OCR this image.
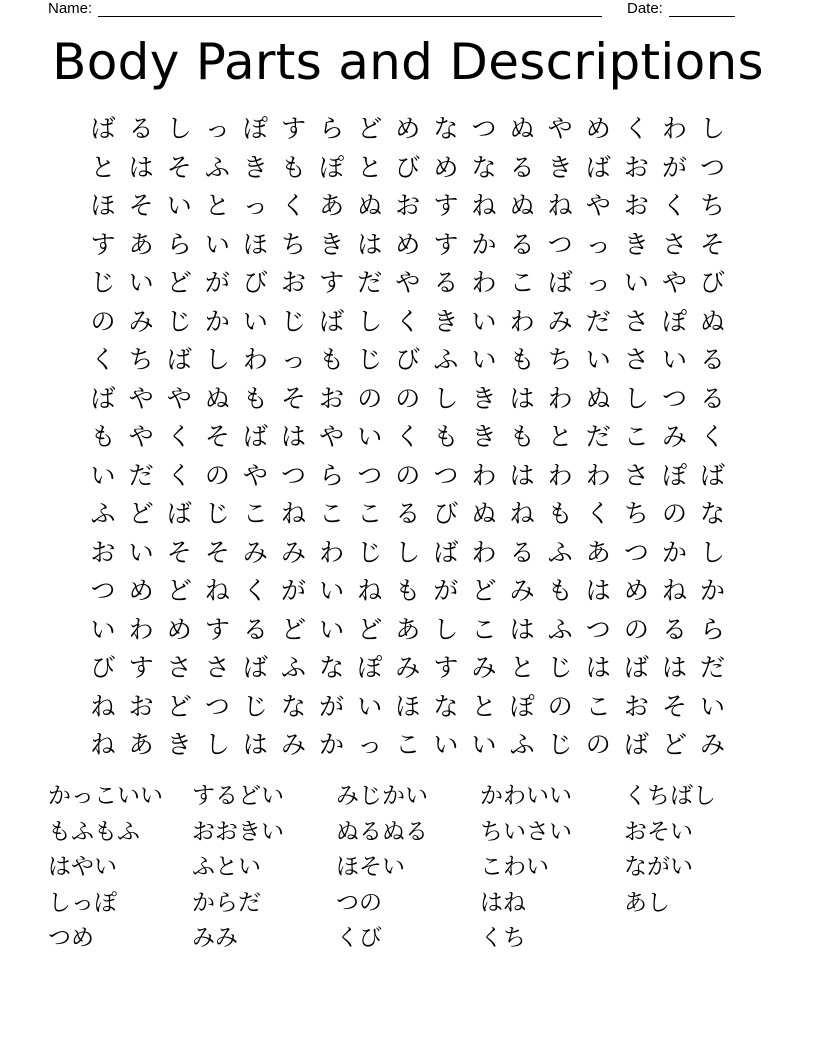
Name:	Date:
Body Parts and Descriptions
ば る し っ ぽ す ら ど め な つ ぬ や め く わ し
と は そ ふ き も ぽ と び め な る き ば お が つ
ほ そ い と っ く あ ぬ お す ね ぬ ね や お く ち
す あ ら い ほ ち き は め す か る つ っ き さ そ
じ い ど が び お す だ や る わ こ ば っ い や び
の み じ か い じ ば し く き い わ み だ さ ぽ ぬ
く ち ば し わ っ も じ び ふ い も ち い さ い る
ば や や ぬ も そ お の の し き は わ ぬ し つ る
も や く そ ば は や い く も き も と だ こ み く
い だ く の や つ ら つ の つ わ は わ わ さ ぽ ば
ふ ど ば じ こ ね こ こ る び ぬ ね も く ち の な
お い そ そ み み わ じ し ば わ る ふ あ つ か し
つ め ど ね く が い ね も が ど み も は め ね か
い わ め す る ど い ど あ し こ は ふ つ の る ら
び す さ さ ば ふ な ぽ み す み と じ は ば は だ
ね お ど つ じ な が い ほ な と ぽ の こ お そ い
ね あ き し は み か っ こ い い ふ じ の ば ど み
かっこいい	するどい	みじかい	かわいい	くちばし
もふもふ	おおきい	ぬるぬる	ちいさい	おそい
はやい	ふとい	ほそい	こわい	ながい
しっぽ	からだ	つの	はね	あし
つめ	みみ	くび	くち
